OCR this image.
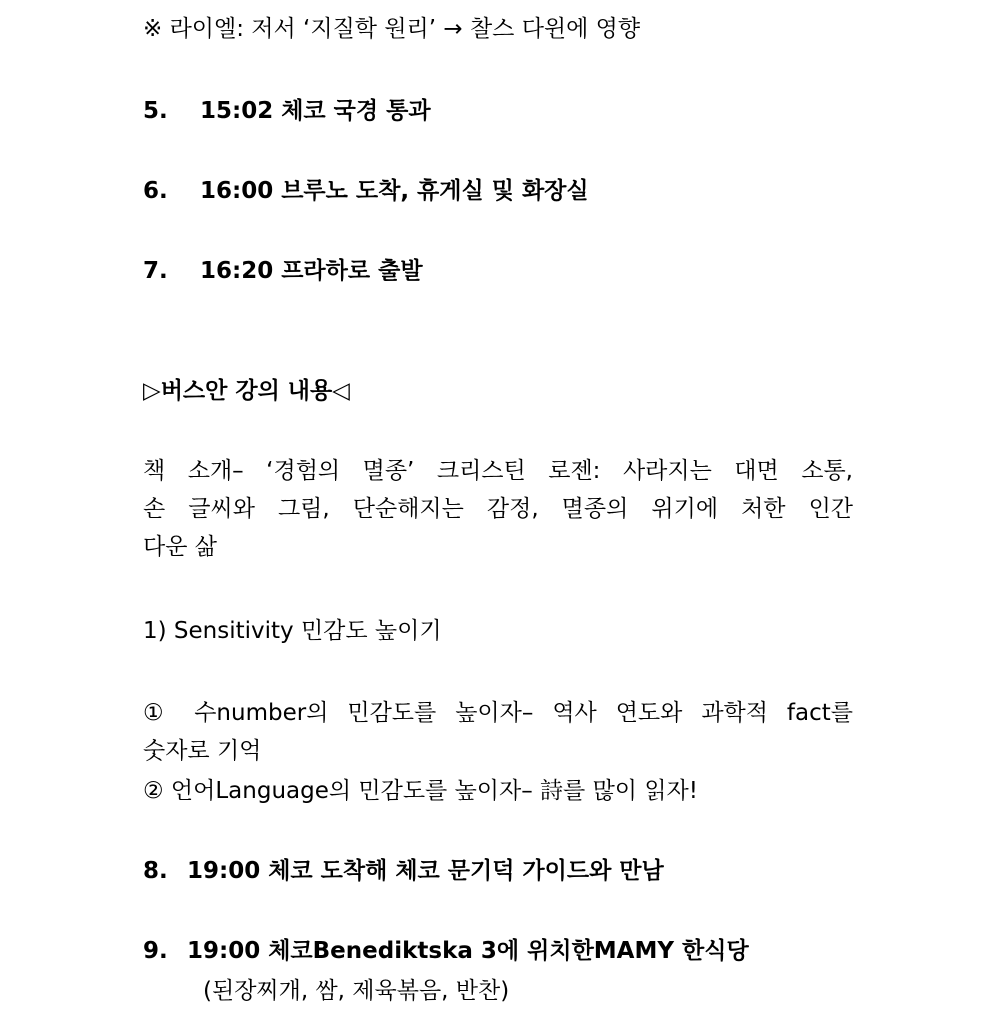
※ 라이엘: 저서 ‘지질학 원리’ → 찰스 다윈에 영향
5. 15:02 체코 국경 통과
6. 16:00 브루노 도착, 휴게실 및 화장실
7. 16:20 프라하로 출발
▷버스안 강의 내용◁
책 소개– ‘경험의 멸종’ 크리스틴 로젠: 사라지는 대면 소통,
손 글씨와 그림, 단순해지는 감정, 멸종의 위기에 처한 인간
다운 삶
1) Sensitivity 민감도 높이기
① 수number의 민감도를 높이자– 역사 연도와 과학적 fact를
숫자로 기억
② 언어Language의 민감도를 높이자– 詩를 많이 읽자!
8. 19:00 체코 도착해 체코 문기덕 가이드와 만남
9. 19:00 체코Benediktska 3에 위치한MAMY 한식당
(된장찌개, 쌈, 제육볶음, 반찬)
